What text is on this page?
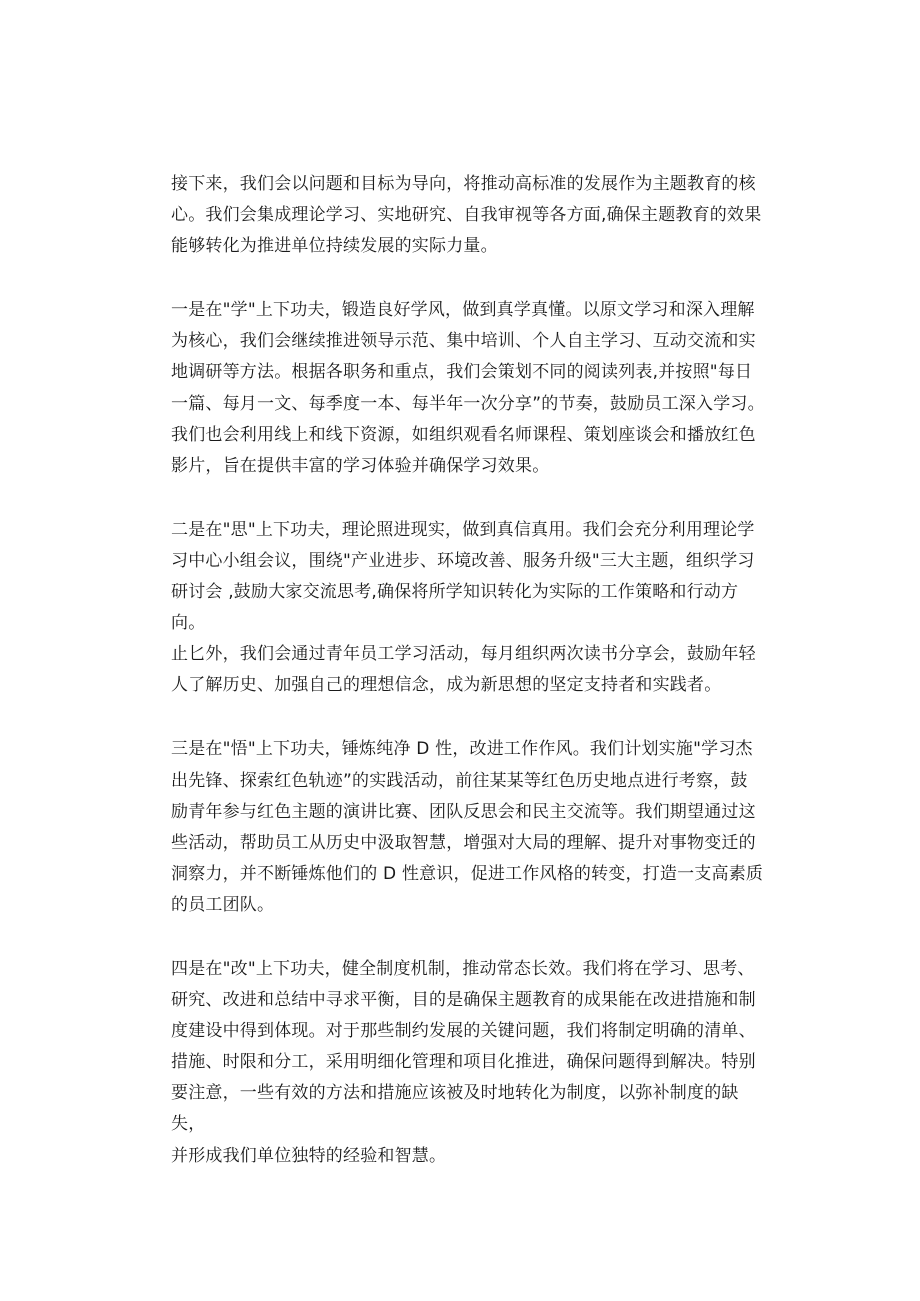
接下来，我们会以问题和目标为导向，将推动高标准的发展作为主题教育的核
心。我们会集成理论学习、实地研究、自我审视等各方面,确保主题教育的效果
能够转化为推进单位持续发展的实际力量。

一是在"学"上下功夫，锻造良好学风，做到真学真懂。以原文学习和深入理解
为核心，我们会继续推进领导示范、集中培训、个人自主学习、互动交流和实
地调研等方法。根据各职务和重点，我们会策划不同的阅读列表,并按照"每日
一篇、每月一文、每季度一本、每半年一次分享”的节奏，鼓励员工深入学习。
我们也会利用线上和线下资源，如组织观看名师课程、策划座谈会和播放红色
影片，旨在提供丰富的学习体验并确保学习效果。

二是在"思"上下功夫，理论照进现实，做到真信真用。我们会充分利用理论学
习中心小组会议，围绕"产业进步、环境改善、服务升级"三大主题，组织学习
研讨会 ,鼓励大家交流思考,确保将所学知识转化为实际的工作策略和行动方向。
止匕外，我们会通过青年员工学习活动，每月组织两次读书分享会，鼓励年轻
人了解历史、加强自己的理想信念，成为新思想的坚定支持者和实践者。

三是在"悟"上下功夫，锤炼纯净 D 性，改进工作作风。我们计划实施"学习杰
出先锋、探索红色轨迹”的实践活动，前往某某等红色历史地点进行考察，鼓
励青年参与红色主题的演讲比赛、团队反思会和民主交流等。我们期望通过这
些活动，帮助员工从历史中汲取智慧，增强对大局的理解、提升对事物变迁的
洞察力，并不断锤炼他们的 D 性意识，促进工作风格的转变，打造一支高素质
的员工团队。

四是在"改"上下功夫，健全制度机制，推动常态长效。我们将在学习、思考、
研究、改进和总结中寻求平衡，目的是确保主题教育的成果能在改进措施和制
度建设中得到体现。对于那些制约发展的关键问题，我们将制定明确的清单、
措施、时限和分工，采用明细化管理和项目化推进，确保问题得到解决。特别
要注意，一些有效的方法和措施应该被及时地转化为制度，以弥补制度的缺失，
并形成我们单位独特的经验和智慧。
